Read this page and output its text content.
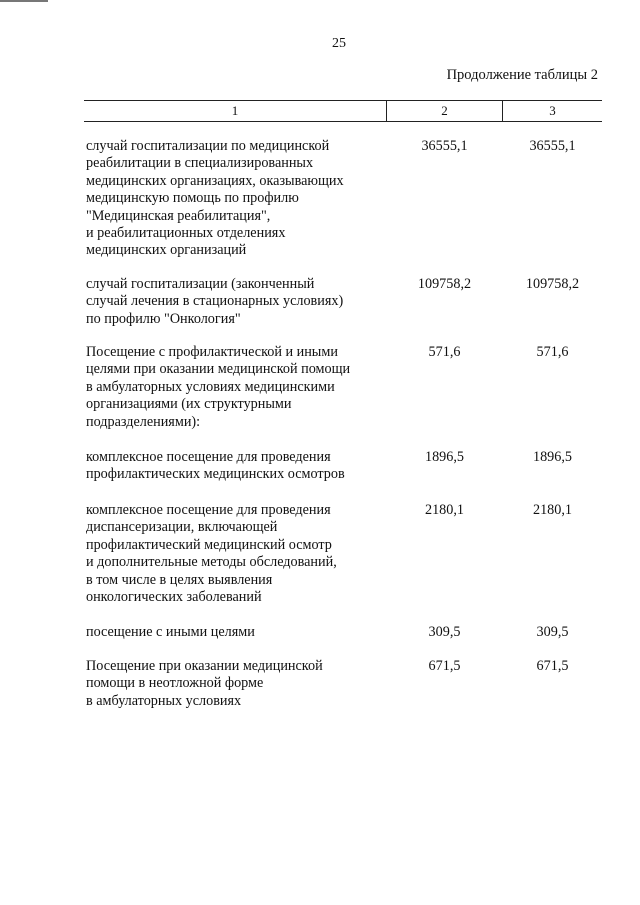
25
Продолжение таблицы 2
1	2	3
случай госпитализации по медицинской
реабилитации в специализированных
медицинских организациях, оказывающих
медицинскую помощь по профилю
"Медицинская реабилитация",
и реабилитационных отделениях
медицинских организаций
36555,1	36555,1
случай госпитализации (законченный
случай лечения в стационарных условиях)
по профилю "Онкология"
109758,2	109758,2
Посещение с профилактической и иными
целями при оказании медицинской помощи
в амбулаторных условиях медицинскими
организациями (их структурными
подразделениями):
571,6	571,6
комплексное посещение для проведения
профилактических медицинских осмотров
1896,5	1896,5
комплексное посещение для проведения
диспансеризации, включающей
профилактический медицинский осмотр
и дополнительные методы обследований,
в том числе в целях выявления
онкологических заболеваний
2180,1	2180,1
посещение с иными целями	309,5	309,5
Посещение при оказании медицинской
помощи в неотложной форме
в амбулаторных условиях
671,5	671,5
